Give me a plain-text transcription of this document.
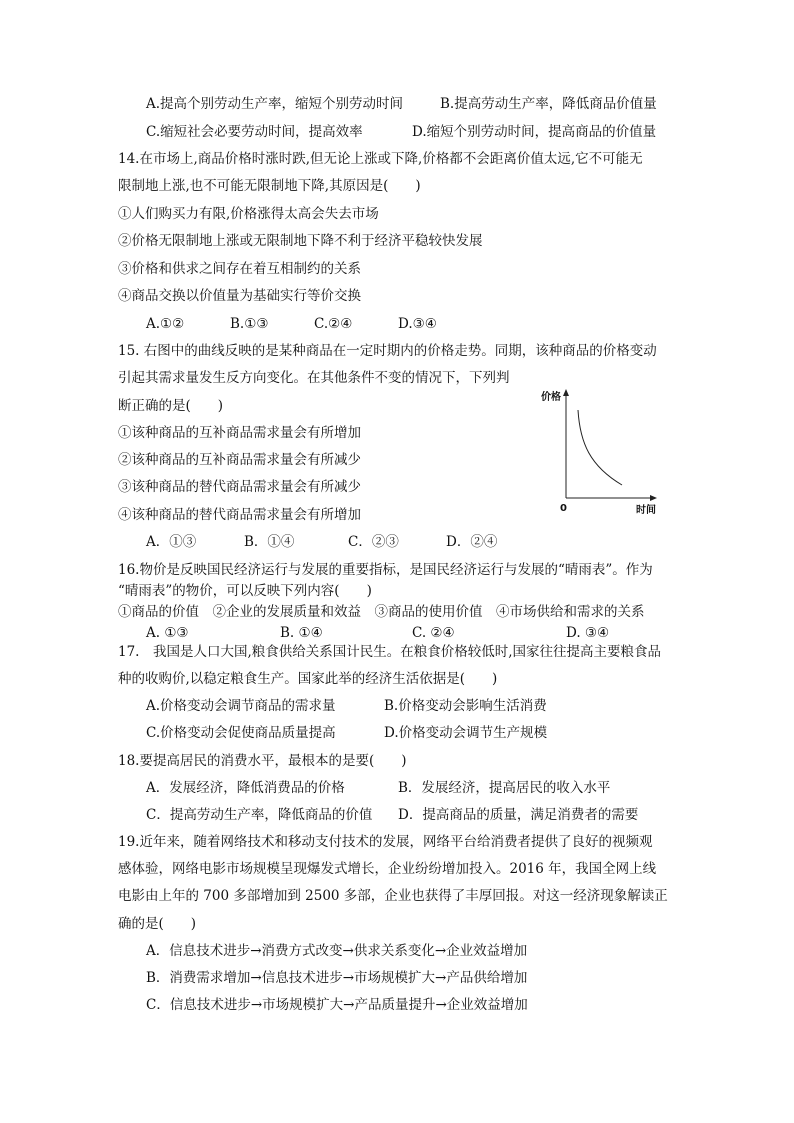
A.提高个别劳动生产率，缩短个别劳动时间	B.提高劳动生产率，降低商品价值量
C.缩短社会必要劳动时间，提高效率	D.缩短个别劳动时间，提高商品的价值量
14.在市场上,商品价格时涨时跌,但无论上涨或下降,价格都不会距离价值太远,它不可能无
限制地上涨,也不可能无限制地下降,其原因是(　　)
①人们购买力有限,价格涨得太高会失去市场
②价格无限制地上涨或无限制地下降不利于经济平稳较快发展
③价格和供求之间存在着互相制约的关系
④商品交换以价值量为基础实行等价交换
A.①②	B.①③	C.②④	D.③④
15. 右图中的曲线反映的是某种商品在一定时期内的价格走势。同期，该种商品的价格变动
引起其需求量发生反方向变化。在其他条件不变的情况下，下列判
断正确的是(　　)
①该种商品的互补商品需求量会有所增加
②该种商品的互补商品需求量会有所减少
③该种商品的替代商品需求量会有所减少
④该种商品的替代商品需求量会有所增加
A．①③	B．①④	C．②③	D．②④
价格
0	时间
16.物价是反映国民经济运行与发展的重要指标，是国民经济运行与发展的“晴雨表”。作为
“晴雨表”的物价，可以反映下列内容(　　)
①商品的价值　②企业的发展质量和效益　③商品的使用价值　④市场供给和需求的关系
A. ①③	B. ①④	C. ②④	D. ③④
17.　我国是人口大国,粮食供给关系国计民生。在粮食价格较低时,国家往往提高主要粮食品
种的收购价,以稳定粮食生产。国家此举的经济生活依据是(　　)
A.价格变动会调节商品的需求量	B.价格变动会影响生活消费
C.价格变动会促使商品质量提高	D.价格变动会调节生产规模
18.要提高居民的消费水平，最根本的是要(　　)
A．发展经济，降低消费品的价格	B．发展经济，提高居民的收入水平
C．提高劳动生产率，降低商品的价值 D．提高商品的质量，满足消费者的需要
19.近年来，随着网络技术和移动支付技术的发展，网络平台给消费者提供了良好的视频观
感体验，网络电影市场规模呈现爆发式增长，企业纷纷增加投入。2016 年，我国全网上线
电影由上年的 700 多部增加到 2500 多部，企业也获得了丰厚回报。对这一经济现象解读正
确的是(　　)
A．信息技术进步→消费方式改变→供求关系变化→企业效益增加
B．消费需求增加→信息技术进步→市场规模扩大→产品供给增加
C．信息技术进步→市场规模扩大→产品质量提升→企业效益增加
